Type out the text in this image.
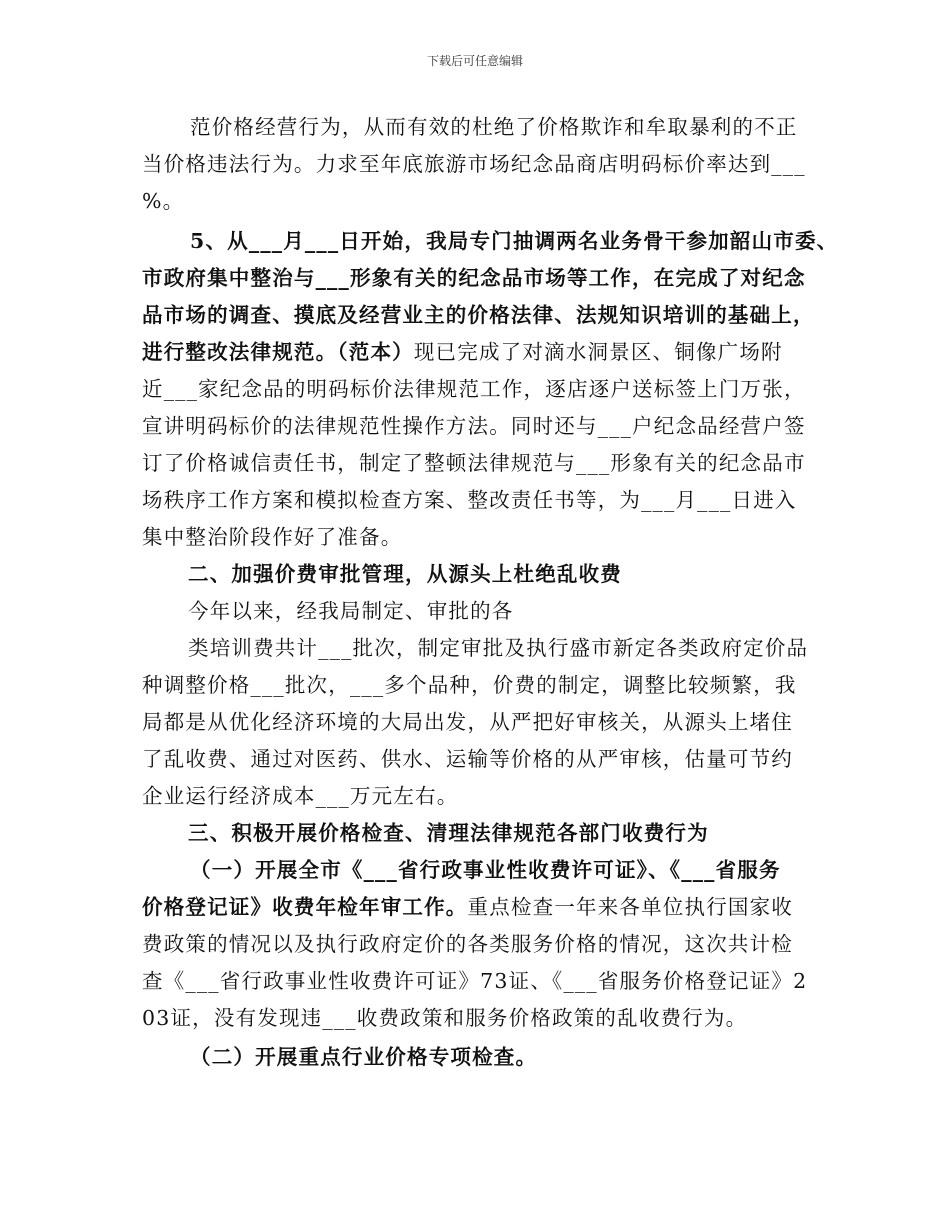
下载后可任意编辑
范价格经营行为，从而有效的杜绝了价格欺诈和牟取暴利的不正
当价格违法行为。力求至年底旅游市场纪念品商店明码标价率达到___
%。
5、从___月___日开始，我局专门抽调两名业务骨干参加韶山市委、
市政府集中整治与___形象有关的纪念品市场等工作，在完成了对纪念
品市场的调查、摸底及经营业主的价格法律、法规知识培训的基础上，
进行整改法律规范。（范本）现已完成了对滴水洞景区、铜像广场附
近___家纪念品的明码标价法律规范工作，逐店逐户送标签上门万张，
宣讲明码标价的法律规范性操作方法。同时还与___户纪念品经营户签
订了价格诚信责任书，制定了整顿法律规范与___形象有关的纪念品市
场秩序工作方案和模拟检查方案、整改责任书等，为___月___日进入
集中整治阶段作好了准备。
二、加强价费审批管理，从源头上杜绝乱收费
今年以来，经我局制定、审批的各
类培训费共计___批次，制定审批及执行盛市新定各类政府定价品
种调整价格___批次，___多个品种，价费的制定，调整比较频繁，我
局都是从优化经济环境的大局出发，从严把好审核关，从源头上堵住
了乱收费、通过对医药、供水、运输等价格的从严审核，估量可节约
企业运行经济成本___万元左右。
三、积极开展价格检查、清理法律规范各部门收费行为
（一）开展全市《___省行政事业性收费许可证》、《___省服务
价格登记证》收费年检年审工作。重点检查一年来各单位执行国家收
费政策的情况以及执行政府定价的各类服务价格的情况，这次共计检
查《___省行政事业性收费许可证》73证、《___省服务价格登记证》2
03证，没有发现违___收费政策和服务价格政策的乱收费行为。
（二）开展重点行业价格专项检查。
